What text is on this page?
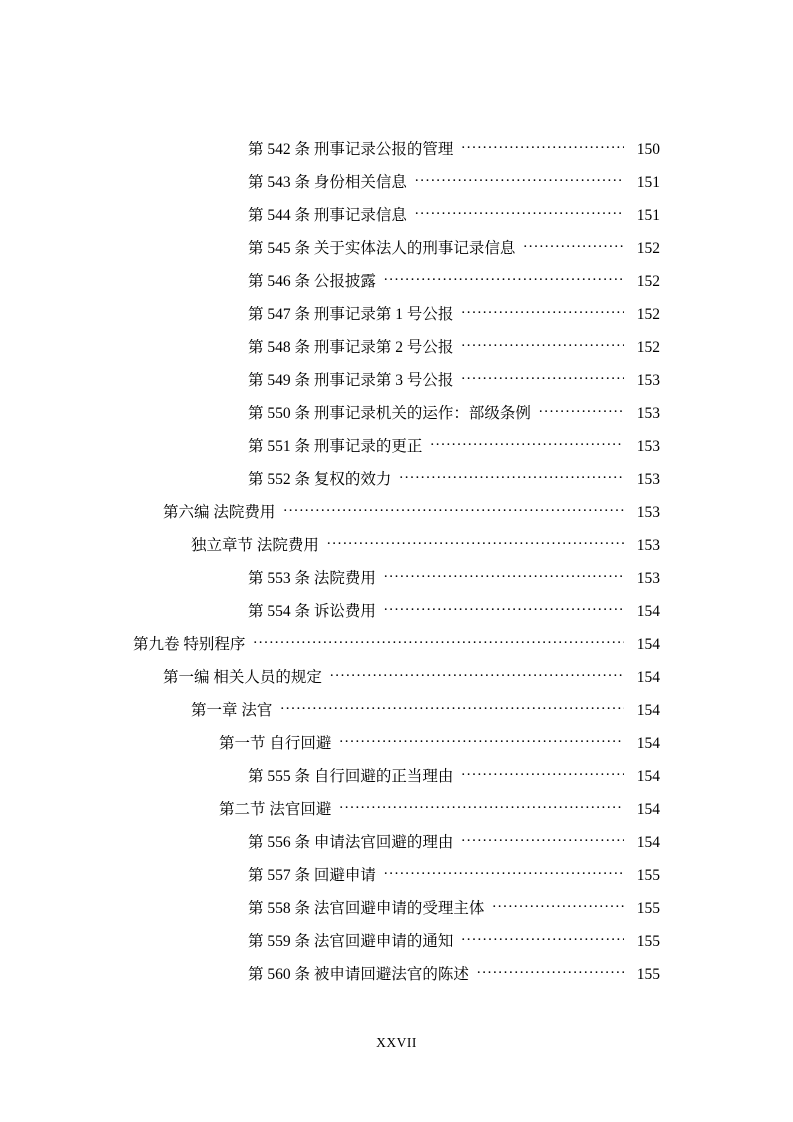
第 542 条 刑事记录公报的管理 .....	150
第 543 条 身份相关信息 .....	151
第 544 条 刑事记录信息 .....	151
第 545 条 关于实体法人的刑事记录信息 .....	152
第 546 条 公报披露 .....	152
第 547 条 刑事记录第 1 号公报 .....	152
第 548 条 刑事记录第 2 号公报 .....	152
第 549 条 刑事记录第 3 号公报 .....	153
第 550 条 刑事记录机关的运作：部级条例 .....	153
第 551 条 刑事记录的更正 .....	153
第 552 条 复权的效力 .....	153
第六编 法院费用 .....	153
独立章节 法院费用 .....	153
第 553 条 法院费用 .....	153
第 554 条 诉讼费用 .....	154
第九卷 特别程序 .....	154
第一编 相关人员的规定 .....	154
第一章 法官 .....	154
第一节 自行回避 .....	154
第 555 条 自行回避的正当理由 .....	154
第二节 法官回避 .....	154
第 556 条 申请法官回避的理由 .....	154
第 557 条 回避申请 .....	155
第 558 条 法官回避申请的受理主体 .....	155
第 559 条 法官回避申请的通知 .....	155
第 560 条 被申请回避法官的陈述 .....	155
XXVII
